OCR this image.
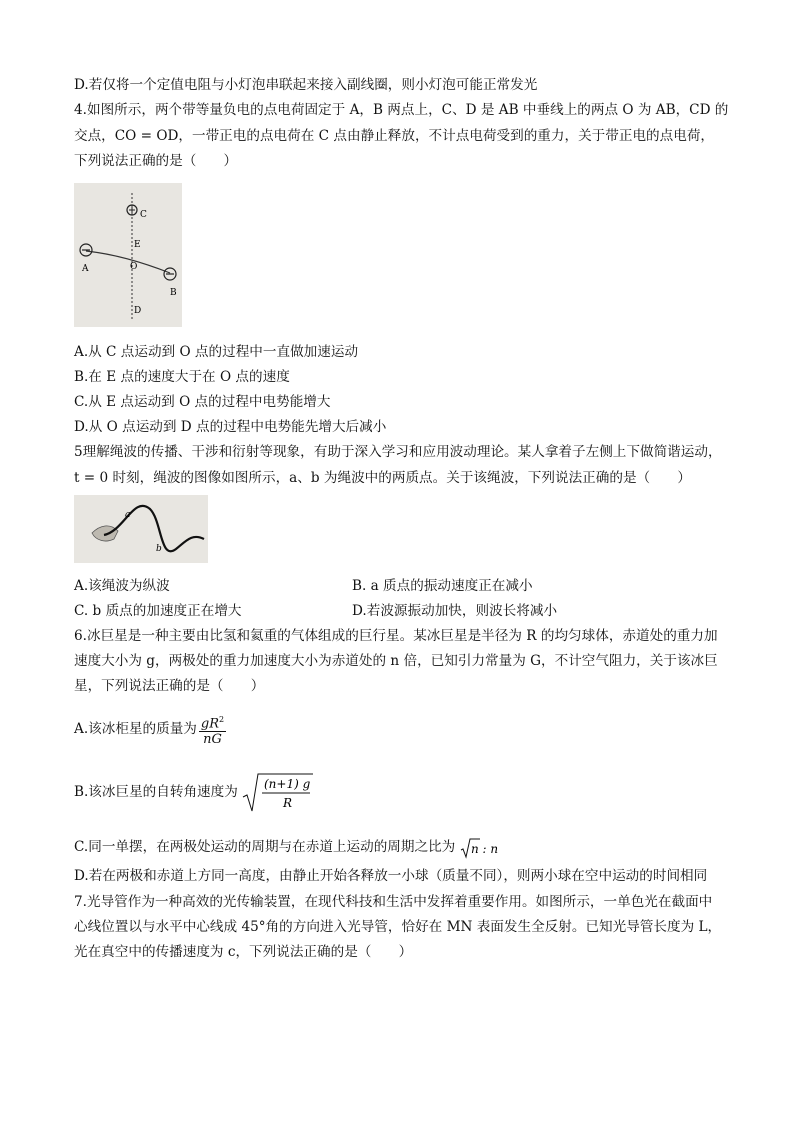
D.若仅将一个定值电阻与小灯泡串联起来接入副线圈，则小灯泡可能正常发光
4.如图所示，两个带等量负电的点电荷固定于 A，B 两点上，C、D 是 AB 中垂线上的两点 O 为 AB，CD 的
交点，CO = OD，一带正电的点电荷在 C 点由静止释放，不计点电荷受到的重力，关于带正电的点电荷，
下列说法正确的是（　　）
C
E
O
A
B
D
A.从 C 点运动到 O 点的过程中一直做加速运动
B.在 E 点的速度大于在 O 点的速度
C.从 E 点运动到 O 点的过程中电势能增大
D.从 O 点运动到 D 点的过程中电势能先增大后减小
5理解绳波的传播、干涉和衍射等现象，有助于深入学习和应用波动理论。某人拿着子左侧上下做简谐运动，
t = 0 时刻，绳波的图像如图所示，a、b 为绳波中的两质点。关于该绳波，下列说法正确的是（　　）
a
b
A.该绳波为纵波	B. a 质点的振动速度正在减小
C. b 质点的加速度正在增大	D.若波源振动加快，则波长将减小
6.冰巨星是一种主要由比氢和氦重的气体组成的巨行星。某冰巨星是半径为 R 的均匀球体，赤道处的重力加
速度大小为 g，两极处的重力加速度大小为赤道处的 n 倍，已知引力常量为 G，不计空气阻力，关于该冰巨
星，下列说法正确的是（　　）
A.该冰柜星的质量为 $\frac{gR^2}{nG}$
B.该冰巨星的自转角速度为
(n+1) g
R
C.同一单摆，在两极处运动的周期与在赤道上运动的周期之比为 n : n
D.若在两极和赤道上方同一高度，由静止开始各释放一小球（质量不同），则两小球在空中运动的时间相同
7.光导管作为一种高效的光传输装置，在现代科技和生活中发挥着重要作用。如图所示，一单色光在截面中
心线位置以与水平中心线成 45°角的方向进入光导管，恰好在 MN 表面发生全反射。已知光导管长度为 L，
光在真空中的传播速度为 c，下列说法正确的是（　　）
